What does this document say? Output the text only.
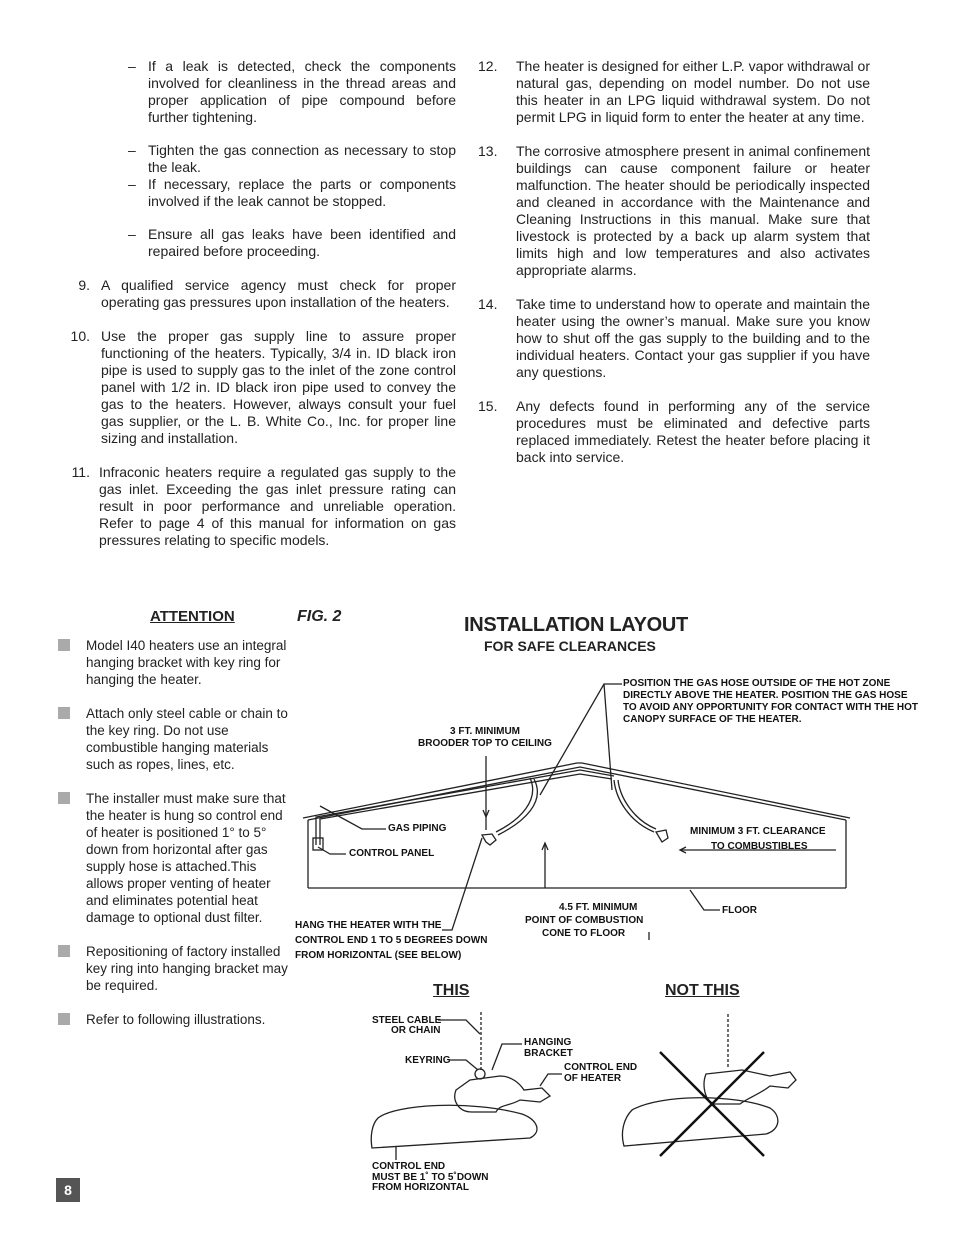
– If a leak is detected, check the components involved for cleanliness in the thread areas and proper application of pipe compound before further tightening.
– Tighten the gas connection as necessary to stop the leak.
– If necessary, replace the parts or components involved if the leak cannot be stopped.
– Ensure all gas leaks have been identified and repaired before proceeding.
9. A qualified service agency must check for proper operating gas pressures upon installation of the heaters.
10. Use the proper gas supply line to assure proper functioning of the heaters. Typically, 3/4 in. ID black iron pipe is used to supply gas to the inlet of the zone control panel with 1/2 in. ID black iron pipe used to convey the gas to the heaters. However, always consult your fuel gas supplier, or the L. B. White Co., Inc. for proper line sizing and installation.
11. Infraconic heaters require a regulated gas supply to the gas inlet. Exceeding the gas inlet pressure rating can result in poor performance and unreliable operation. Refer to page 4 of this manual for information on gas pressures relating to specific models.
12.	The heater is designed for either L.P. vapor withdrawal or natural gas, depending on model number. Do not use this heater in an LPG liquid withdrawal system. Do not permit LPG in liquid form to enter the heater at any time.
13.	The corrosive atmosphere present in animal confinement buildings can cause component failure or heater malfunction. The heater should be periodically inspected and cleaned in accordance with the Maintenance and Cleaning Instructions in this manual. Make sure that livestock is protected by a back up alarm system that limits high and low temperatures and also activates appropriate alarms.
14.	Take time to understand how to operate and maintain the heater using the owner’s manual. Make sure you know how to shut off the gas supply to the building and to the individual heaters. Contact your gas supplier if you have any questions.
15.	Any defects found in performing any of the service procedures must be eliminated and defective parts replaced immediately. Retest the heater before placing it back into service.
ATTENTION	FIG. 2
Model I40 heaters use an integral hanging bracket with key ring for hanging the heater.
Attach only steel cable or chain to the key ring. Do not use combustible hanging materials such as ropes, lines, etc.
The installer must make sure that the heater is hung so control end of heater is positioned 1° to 5° down from horizontal after gas supply hose is attached.This allows proper venting of heater and eliminates potential heat damage to optional dust filter.
Repositioning of factory installed key ring into hanging bracket may be required.
Refer to following illustrations.
INSTALLATION LAYOUT
FOR SAFE CLEARANCES
POSITION THE GAS HOSE OUTSIDE OF THE HOT ZONE DIRECTLY ABOVE THE HEATER. POSITION THE GAS HOSE TO AVOID ANY OPPORTUNITY FOR CONTACT WITH THE HOT CANOPY SURFACE OF THE HEATER.
3 FT. MINIMUM
BROODER TOP TO CEILING
GAS PIPING
CONTROL PANEL
MINIMUM 3 FT. CLEARANCE
TO COMBUSTIBLES
4.5 FT. MINIMUM
POINT OF COMBUSTION
CONE TO FLOOR
FLOOR
HANG THE HEATER WITH THE
CONTROL END 1 TO 5 DEGREES DOWN
FROM HORIZONTAL (SEE BELOW)
THIS	NOT THIS
STEEL CABLE
OR CHAIN
KEYRING
HANGING
BRACKET
CONTROL END
OF HEATER
CONTROL END
MUST BE 1˚ TO 5˚DOWN
FROM HORIZONTAL
8
